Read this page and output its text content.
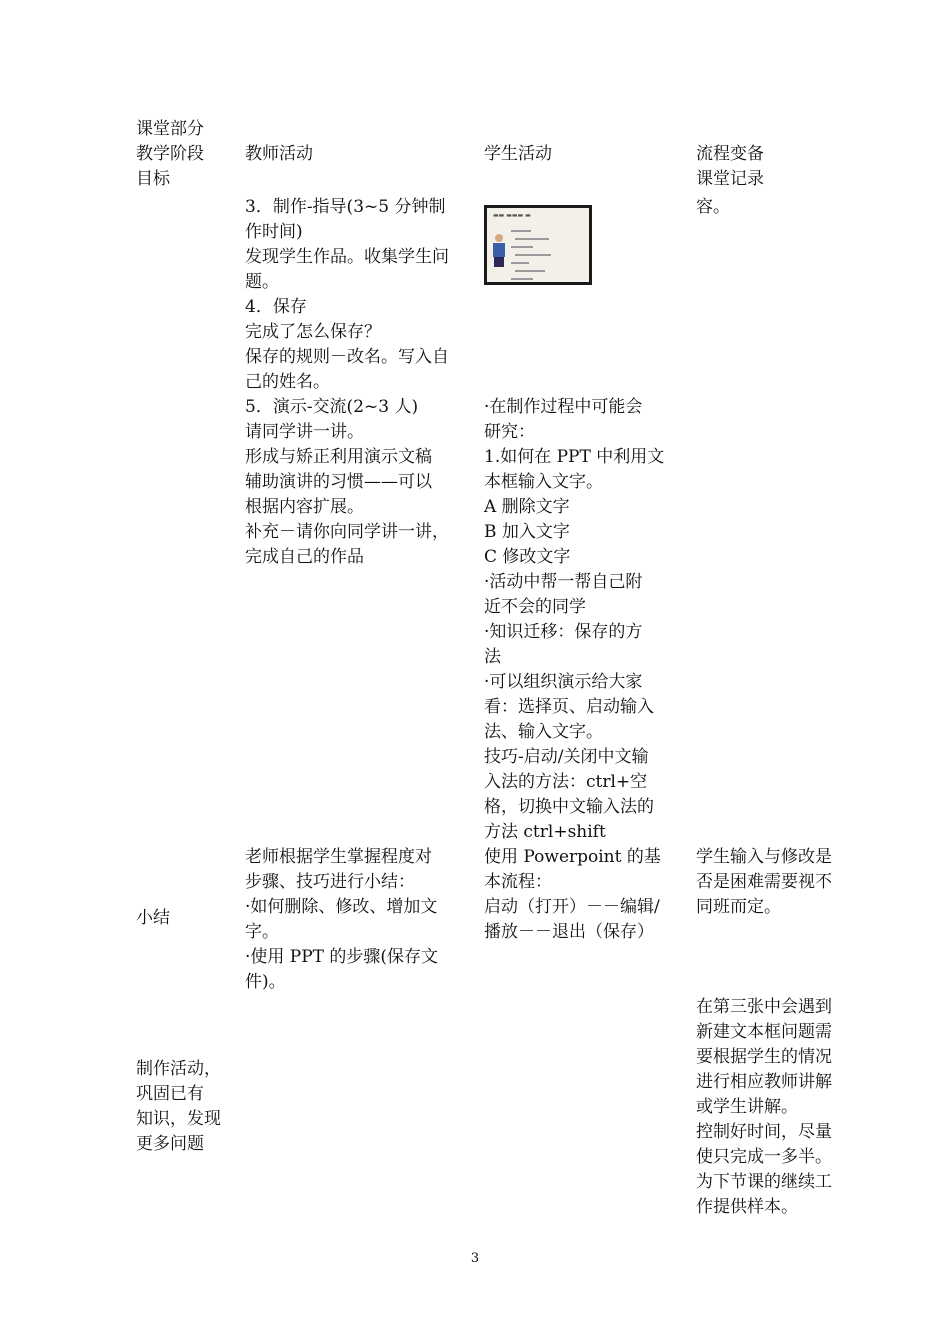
课堂部分
教学阶段
目标
教师活动	学生活动	流程变备
课堂记录
3．制作-指导(3~5 分钟制
作时间)
发现学生作品。收集学生问
题。
4．保存
完成了怎么保存？
保存的规则－改名。写入自
己的姓名。
5．演示-交流(2~3 人)
请同学讲一讲。
形成与矫正利用演示文稿
辅助演讲的习惯——可以
根据内容扩展。
补充－请你向同学讲一讲，
完成自己的作品
▬▬ ▬▬▬ ▬
·在制作过程中可能会
研究：
1.如何在 PPT 中利用文
本框输入文字。
A 删除文字
B 加入文字
C 修改文字
·活动中帮一帮自己附
近不会的同学
·知识迁移：保存的方
法
·可以组织演示给大家
看：选择页、启动输入
法、输入文字。
技巧-启动/关闭中文输
入法的方法：ctrl+空
格，切换中文输入法的
方法 ctrl+shift
容。
小结
老师根据学生掌握程度对
步骤、技巧进行小结：
·如何删除、修改、增加文
字。
·使用 PPT 的步骤(保存文
件)。
使用 Powerpoint 的基
本流程：
启动（打开）－－编辑/
播放－－退出（保存）
学生输入与修改是
否是困难需要视不
同班而定。
制作活动，
巩固已有
知识，发现
更多问题
在第三张中会遇到
新建文本框问题需
要根据学生的情况
进行相应教师讲解
或学生讲解。
控制好时间，尽量
使只完成一多半。
为下节课的继续工
作提供样本。
3
